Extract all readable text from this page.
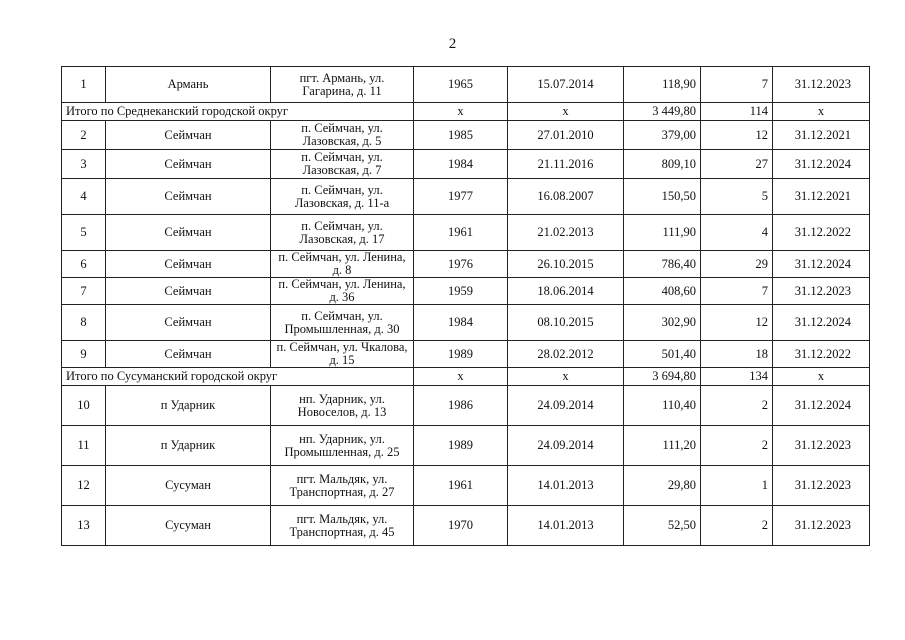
2
1	Армань	пгт. Армань, ул. Гагарина, д. 11	1965	15.07.2014	118,90	7	31.12.2023
Итого по Среднеканский городской округ			х	х	3 449,80	114	х
2	Сеймчан	п. Сеймчан, ул. Лазовская, д. 5	1985	27.01.2010	379,00	12	31.12.2021
3	Сеймчан	п. Сеймчан, ул. Лазовская, д. 7	1984	21.11.2016	809,10	27	31.12.2024
4	Сеймчан	п. Сеймчан, ул. Лазовская, д. 11-а	1977	16.08.2007	150,50	5	31.12.2021
5	Сеймчан	п. Сеймчан, ул. Лазовская, д. 17	1961	21.02.2013	111,90	4	31.12.2022
6	Сеймчан	п. Сеймчан, ул. Ленина, д. 8	1976	26.10.2015	786,40	29	31.12.2024
7	Сеймчан	п. Сеймчан, ул. Ленина, д. 36	1959	18.06.2014	408,60	7	31.12.2023
8	Сеймчан	п. Сеймчан, ул. Промышленная, д. 30	1984	08.10.2015	302,90	12	31.12.2024
9	Сеймчан	п. Сеймчан, ул. Чкалова, д. 15	1989	28.02.2012	501,40	18	31.12.2022
Итого по Сусуманский городской округ			х	х	3 694,80	134	х
10	п Ударник	нп. Ударник, ул. Новоселов, д. 13	1986	24.09.2014	110,40	2	31.12.2024
11	п Ударник	нп. Ударник, ул. Промышленная, д. 25	1989	24.09.2014	111,20	2	31.12.2023
12	Сусуман	пгт. Мальдяк, ул. Транспортная, д. 27	1961	14.01.2013	29,80	1	31.12.2023
13	Сусуман	пгт. Мальдяк, ул. Транспортная, д. 45	1970	14.01.2013	52,50	2	31.12.2023
